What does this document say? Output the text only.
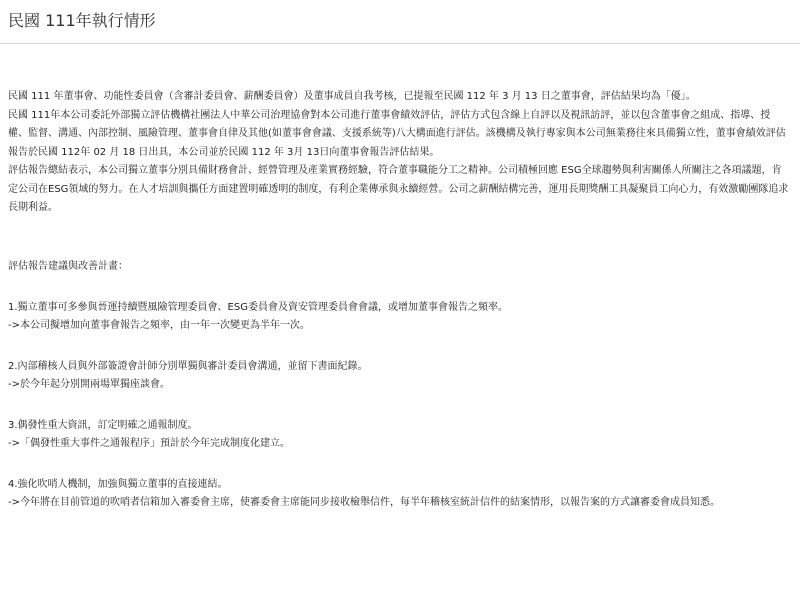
民國 111年執行情形

民國 111 年董事會、功能性委員會（含審計委員會、薪酬委員會）及董事成員自我考核，已提報至民國 112 年 3 月 13 日之董事會，評估結果均為「優」。

民國 111年本公司委託外部獨立評估機構社團法人中華公司治理協會對本公司進行董事會績效評估，評估方式包含線上自評以及視訊訪評，並以包含董事會之組成、指導、授權、監督、溝通、內部控制、風險管理、董事會自律及其他(如董事會會議、支援系統等)八大構面進行評估。該機構及執行專家與本公司無業務往來具備獨立性，董事會績效評估報告於民國 112年 02 月 18 日出具，本公司並於民國 112 年 3月 13日向董事會報告評估結果。

評估報告總結表示，本公司獨立董事分別具備財務會計、經營管理及產業實務經驗，符合董事職能分工之精神。公司積極回應 ESG全球趨勢與利害關係人所關注之各項議題，肯定公司在ESG領域的努力。在人才培訓與攜任方面建置明確透明的制度，有利企業傳承與永續經營。公司之薪酬結構完善，運用長期獎酬工具凝聚員工向心力，有效激勵團隊追求長期利益。

評估報告建議與改善計畫：

1.獨立董事可多參與晉運持續暨風險管理委員會、ESG委員會及資安管理委員會會議，或增加董事會報告之頻率。

->本公司擬增加向董事會報告之頻率，由一年一次變更為半年一次。

2.內部稽核人員與外部簽證會計師分別單獨與審計委員會溝通，並留下書面紀錄。

->於今年起分別開兩場單獨座談會。

3.偶發性重大資訊，訂定明確之通報制度。

->「偶發性重大事件之通報程序」預計於今年完成制度化建立。

4.強化吹哨人機制，加強與獨立董事的直接連結。

->今年將在目前管道的吹哨者信箱加入審委會主席，使審委會主席能同步接收檢舉信件，每半年稽核室統計信件的結案情形，以報告案的方式讓審委會成員知悉。
